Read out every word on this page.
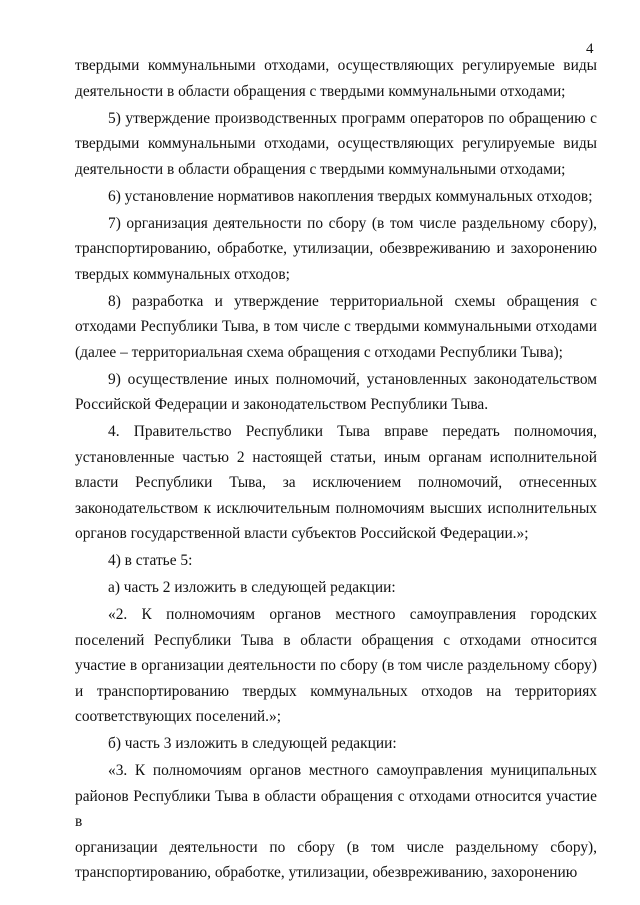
4

твердыми коммунальными отходами, осуществляющих регулируемые виды
деятельности в области обращения с твердыми коммунальными отходами;

5) утверждение производственных программ операторов по обращению с
твердыми коммунальными отходами, осуществляющих регулируемые виды
деятельности в области обращения с твердыми коммунальными отходами;

6) установление нормативов накопления твердых коммунальных отходов;

7) организация деятельности по сбору (в том числе раздельному сбору),
транспортированию, обработке, утилизации, обезвреживанию и захоронению
твердых коммунальных отходов;

8) разработка и утверждение территориальной схемы обращения с
отходами Республики Тыва, в том числе с твердыми коммунальными отходами
(далее – территориальная схема обращения с отходами Республики Тыва);

9) осуществление иных полномочий, установленных законодательством
Российской Федерации и законодательством Республики Тыва.

4. Правительство Республики Тыва вправе передать полномочия,
установленные частью 2 настоящей статьи, иным органам исполнительной
власти Республики Тыва, за исключением полномочий, отнесенных
законодательством к исключительным полномочиям высших исполнительных
органов государственной власти субъектов Российской Федерации.»;

4) в статье 5:

а) часть 2 изложить в следующей редакции:

«2. К полномочиям органов местного самоуправления городских
поселений Республики Тыва в области обращения с отходами относится
участие в организации деятельности по сбору (в том числе раздельному сбору)
и транспортированию твердых коммунальных отходов на территориях
соответствующих поселений.»;

б) часть 3 изложить в следующей редакции:

«3. К полномочиям органов местного самоуправления муниципальных
районов Республики Тыва в области обращения с отходами относится участие в
организации деятельности по сбору (в том числе раздельному сбору),
транспортированию, обработке, утилизации, обезвреживанию, захоронению
